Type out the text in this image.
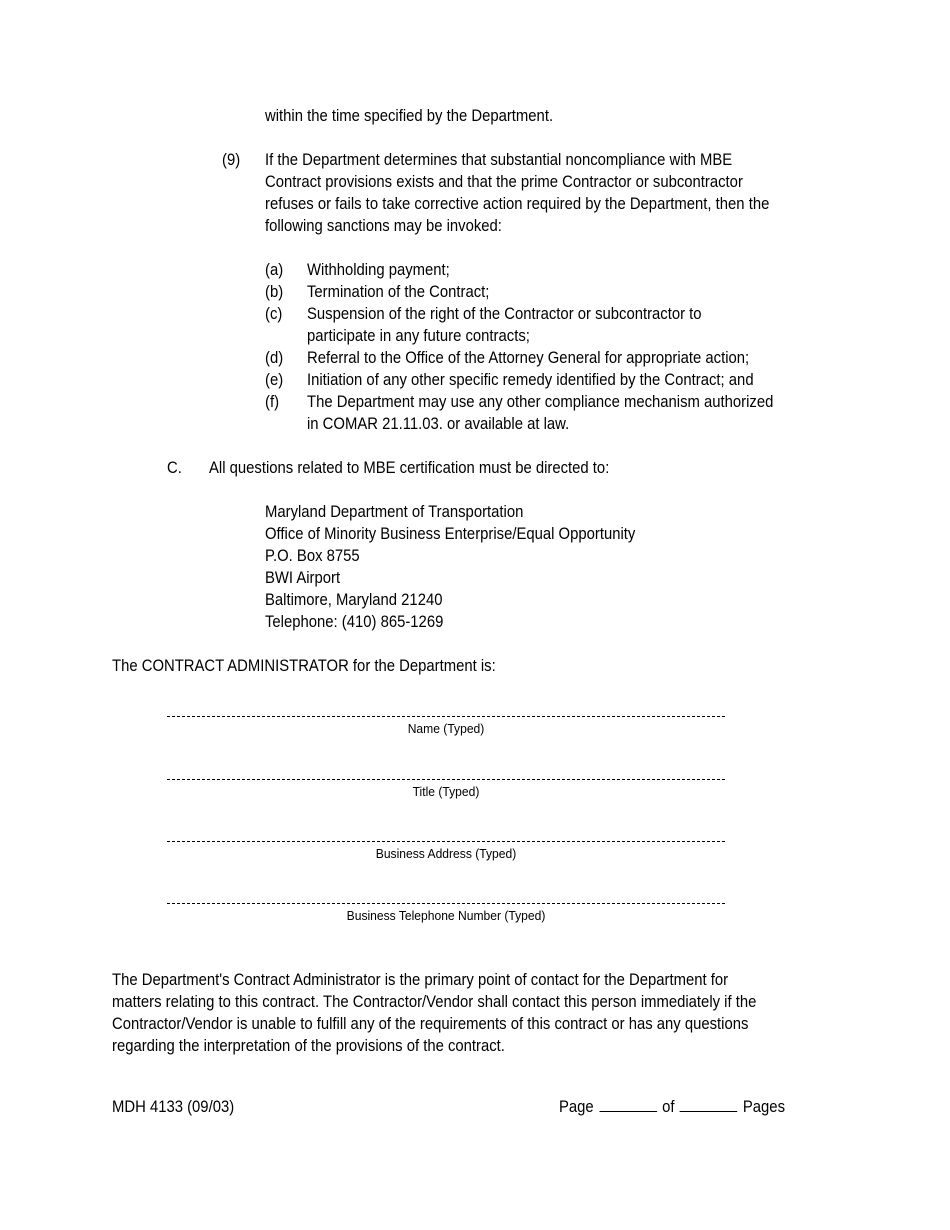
within the time specified by the Department.
(9) If the Department determines that substantial noncompliance with MBE
Contract provisions exists and that the prime Contractor or subcontractor
refuses or fails to take corrective action required by the Department, then the
following sanctions may be invoked:
(a) Withholding payment;
(b) Termination of the Contract;
(c) Suspension of the right of the Contractor or subcontractor to
participate in any future contracts;
(d) Referral to the Office of the Attorney General for appropriate action;
(e) Initiation of any other specific remedy identified by the Contract; and
(f) The Department may use any other compliance mechanism authorized
in COMAR 21.11.03. or available at law.
C. All questions related to MBE certification must be directed to:
Maryland Department of Transportation
Office of Minority Business Enterprise/Equal Opportunity
P.O. Box 8755
BWI Airport
Baltimore, Maryland 21240
Telephone: (410) 865-1269
The CONTRACT ADMINISTRATOR for the Department is:
Name (Typed)
Title (Typed)
Business Address (Typed)
Business Telephone Number (Typed)
The Department's Contract Administrator is the primary point of contact for the Department for
matters relating to this contract. The Contractor/Vendor shall contact this person immediately if the
Contractor/Vendor is unable to fulfill any of the requirements of this contract or has any questions
regarding the interpretation of the provisions of the contract.
MDH 4133 (09/03)	Page	of	Pages
